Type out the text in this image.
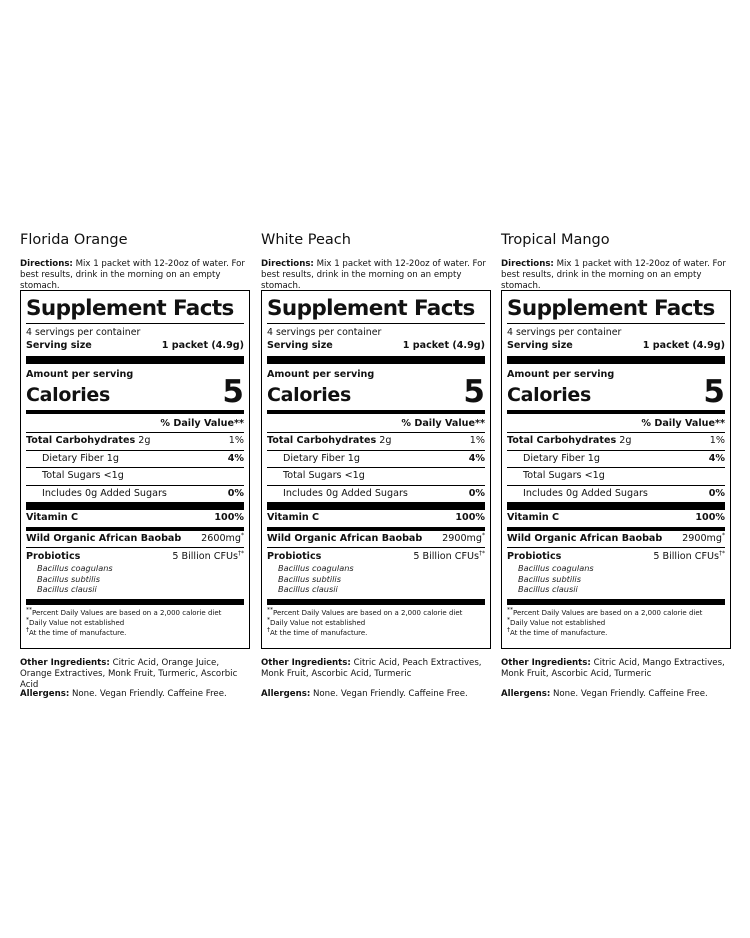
Florida Orange
Directions: Mix 1 packet with 12-20oz of water. For best results, drink in the morning on an empty stomach.
Supplement Facts
4 servings per container
Serving size	1 packet (4.9g)
Amount per serving
Calories	5
% Daily Value**
Total Carbohydrates 2g	1%
Dietary Fiber 1g	4%
Total Sugars <1g
Includes 0g Added Sugars	0%
Vitamin C	100%
Wild Organic African Baobab 2600mg*
Probiotics	5 Billion CFUs†*
Bacillus coagulans
Bacillus subtilis
Bacillus clausii
**Percent Daily Values are based on a 2,000 calorie diet
*Daily Value not established
†At the time of manufacture.
Other Ingredients: Citric Acid, Orange Juice, Orange Extractives, Monk Fruit, Turmeric, Ascorbic Acid
Allergens: None. Vegan Friendly. Caffeine Free.
White Peach
Directions: Mix 1 packet with 12-20oz of water. For best results, drink in the morning on an empty stomach.
Supplement Facts
4 servings per container
Serving size	1 packet (4.9g)
Amount per serving
Calories	5
% Daily Value**
Total Carbohydrates 2g	1%
Dietary Fiber 1g	4%
Total Sugars <1g
Includes 0g Added Sugars	0%
Vitamin C	100%
Wild Organic African Baobab 2900mg*
Probiotics	5 Billion CFUs†*
Bacillus coagulans
Bacillus subtilis
Bacillus clausii
**Percent Daily Values are based on a 2,000 calorie diet
*Daily Value not established
†At the time of manufacture.
Other Ingredients: Citric Acid, Peach Extractives, Monk Fruit, Ascorbic Acid, Turmeric
Allergens: None. Vegan Friendly. Caffeine Free.
Tropical Mango
Directions: Mix 1 packet with 12-20oz of water. For best results, drink in the morning on an empty stomach.
Supplement Facts
4 servings per container
Serving size	1 packet (4.9g)
Amount per serving
Calories	5
% Daily Value**
Total Carbohydrates 2g	1%
Dietary Fiber 1g	4%
Total Sugars <1g
Includes 0g Added Sugars	0%
Vitamin C	100%
Wild Organic African Baobab 2900mg*
Probiotics	5 Billion CFUs†*
Bacillus coagulans
Bacillus subtilis
Bacillus clausii
**Percent Daily Values are based on a 2,000 calorie diet
*Daily Value not established
†At the time of manufacture.
Other Ingredients: Citric Acid, Mango Extractives, Monk Fruit, Ascorbic Acid, Turmeric
Allergens: None. Vegan Friendly. Caffeine Free.
